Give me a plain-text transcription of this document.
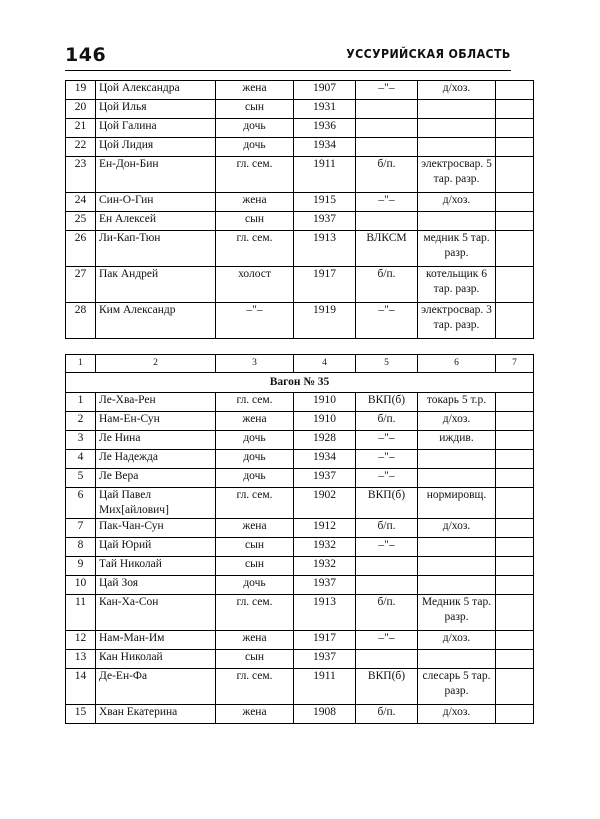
146	УССУРИЙСКАЯ ОБЛАСТЬ
19	Цой Александра	жена	1907	–"–	д/хоз.	
20	Цой Илья	сын	1931			
21	Цой Галина	дочь	1936			
22	Цой Лидия	дочь	1934			
23	Ен-Дон-Бин	гл. сем.	1911	б/п.	электросвар. 5 тар. разр.	
24	Син-О-Гин	жена	1915	–"–	д/хоз.	
25	Ен Алексей	сын	1937			
26	Ли-Кап-Тюн	гл. сем.	1913	ВЛКСМ	медник 5 тар. разр.	
27	Пак Андрей	холост	1917	б/п.	котельщик 6 тар. разр.	
28	Ким Александр	–"–	1919	–"–	электросвар. 3 тар. разр.	
1	2	3	4	5	6	7
Вагон № 35						
1	Ле-Хва-Рен	гл. сем.	1910	ВКП(б)	токарь 5 т.р.	
2	Нам-Ен-Сун	жена	1910	б/п.	д/хоз.	
3	Ле Нина	дочь	1928	–"–	иждив.	
4	Ле Надежда	дочь	1934	–"–		
5	Ле Вера	дочь	1937	–"–		
6	Цай Павел Мих[айлович]	гл. сем.	1902	ВКП(б)	нормировщ.	
7	Пак-Чан-Сун	жена	1912	б/п.	д/хоз.	
8	Цай Юрий	сын	1932	–"–		
9	Тай Николай	сын	1932			
10	Цай Зоя	дочь	1937			
11	Кан-Ха-Сон	гл. сем.	1913	б/п.	Медник 5 тар. разр.	
12	Нам-Ман-Им	жена	1917	–"–	д/хоз.	
13	Кан Николай	сын	1937			
14	Де-Ен-Фа	гл. сем.	1911	ВКП(б)	слесарь 5 тар. разр.	
15	Хван Екатерина	жена	1908	б/п.	д/хоз.	
